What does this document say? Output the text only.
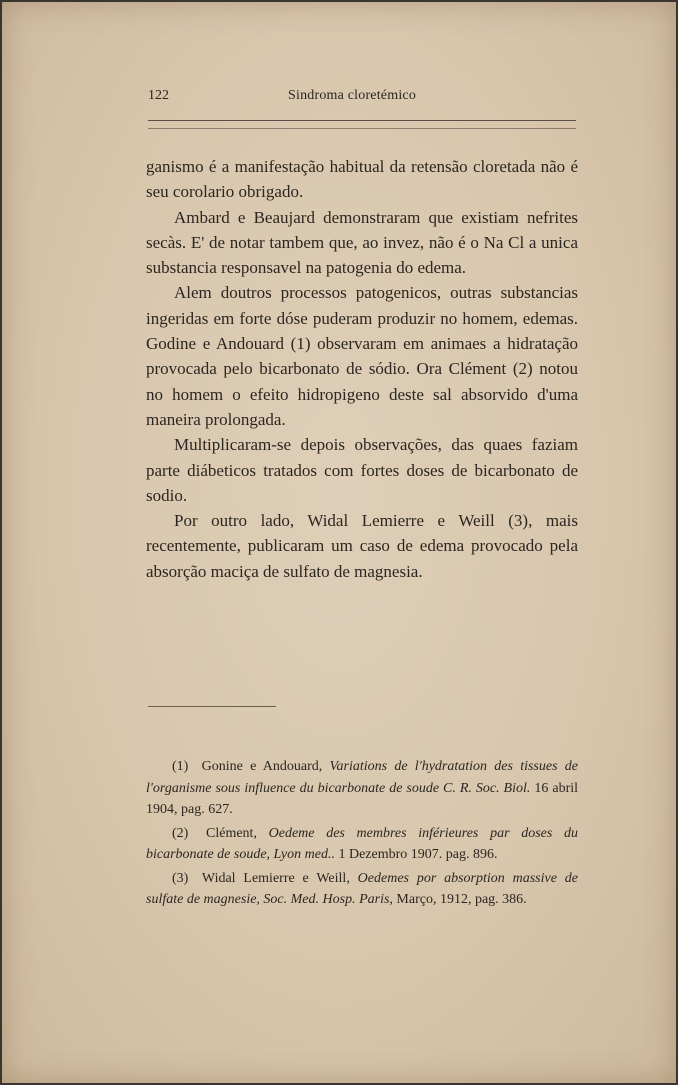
122	Sindroma cloretémico

ganismo é a manifestação habitual da retensão cloretada não é seu corolario obrigado.

Ambard e Beaujard demonstraram que existiam nefrites secàs. E' de notar tambem que, ao invez, não é o Na Cl a unica substancia responsavel na patogenia do edema.

Alem doutros processos patogenicos, outras substancias ingeridas em forte dóse puderam produzir no homem, edemas. Godine e Andouard (1) observaram em animaes a hidratação provocada pelo bicarbonato de sódio. Ora Clément (2) notou no homem o efeito hidropigeno deste sal absorvido d'uma maneira prolongada.

Multiplicaram-se depois observações, das quaes faziam parte diábeticos tratados com fortes doses de bicarbonato de sodio.

Por outro lado, Widal Lemierre e Weill (3), mais recentemente, publicaram um caso de edema provocado pela absorção maciça de sulfato de magnesia.

(1) Gonine e Andouard, Variations de l'hydratation des tissues de l'organisme sous influence du bicarbonate de soude C. R. Soc. Biol. 16 abril 1904, pag. 627.

(2) Clément, Oedeme des membres inférieures par doses du bicarbonate de soude, Lyon med.. 1 Dezembro 1907. pag. 896.

(3) Widal Lemierre e Weill, Oedemes por absorption massive de sulfate de magnesie, Soc. Med. Hosp. Paris, Março, 1912, pag. 386.
